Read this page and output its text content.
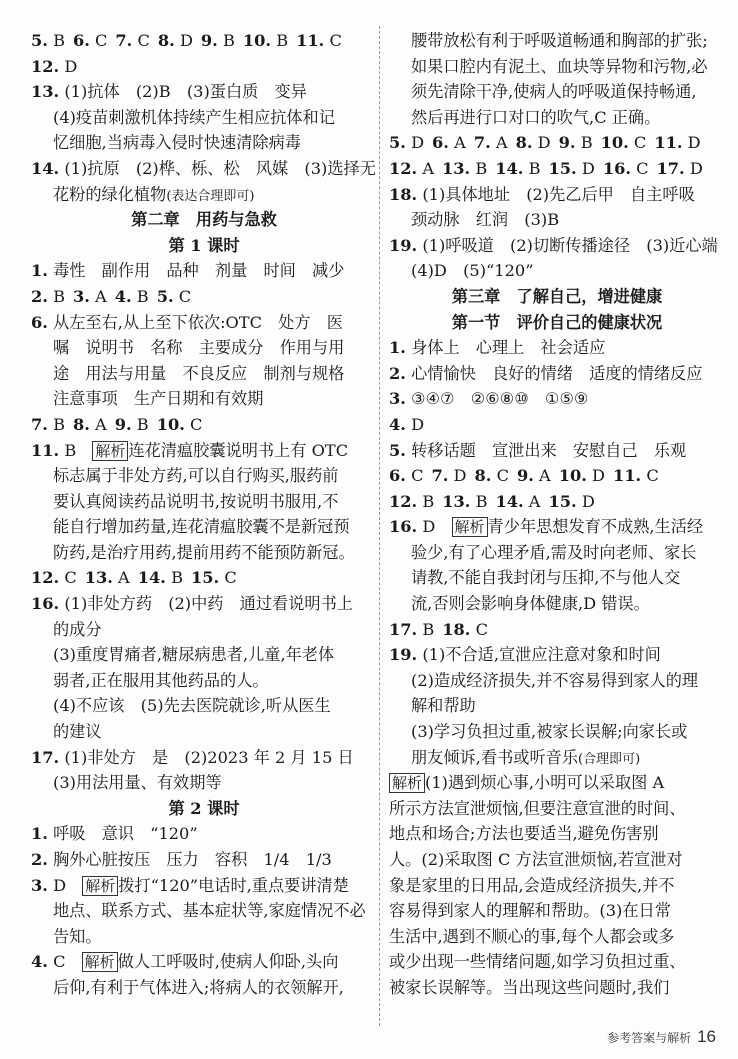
5. B 6. C 7. C 8. D 9. B 10. B 11. C
12. D
13. (1)抗体　(2)B　(3)蛋白质　变异
(4)疫苗刺激机体持续产生相应抗体和记
忆细胞,当病毒入侵时快速清除病毒
14. (1)抗原　(2)桦、栎、松　风媒　(3)选择无
花粉的绿化植物(表达合理即可)
第二章　用药与急救
第 1 课时
1. 毒性　副作用　品种　剂量　时间　减少
2. B 3. A 4. B 5. C
6. 从左至右,从上至下依次:OTC　处方　医
嘱　说明书　名称　主要成分　作用与用
途　用法与用量　不良反应　制剂与规格
注意事项　生产日期和有效期
7. B 8. A 9. B 10. C
11. B　 解析 连花清瘟胶囊说明书上有 OTC
标志属于非处方药,可以自行购买,服药前
要认真阅读药品说明书,按说明书服用,不
能自行增加药量,连花清瘟胶囊不是新冠预
防药,是治疗用药,提前用药不能预防新冠。
12. C 13. A 14. B 15. C
16. (1)非处方药　(2)中药　通过看说明书上
的成分
(3)重度胃痛者,糖尿病患者,儿童,年老体
弱者,正在服用其他药品的人。
(4)不应该　(5)先去医院就诊,听从医生
的建议
17. (1)非处方　是　(2)2023 年 2 月 15 日
(3)用法用量、有效期等
第 2 课时
1. 呼吸　意识　“120”
2. 胸外心脏按压　压力　容积　1/4　1/3
3. D　 解析 拨打“120”电话时,重点要讲清楚
地点、联系方式、基本症状等,家庭情况不必
告知。
4. C　 解析 做人工呼吸时,使病人仰卧,头向
后仰,有利于气体进入;将病人的衣领解开,
腰带放松有利于呼吸道畅通和胸部的扩张;
如果口腔内有泥土、血块等异物和污物,必
须先清除干净,使病人的呼吸道保持畅通,
然后再进行口对口的吹气,C 正确。
5. D 6. A 7. A 8. D 9. B 10. C 11. D
12. A 13. B 14. B 15. D 16. C 17. D
18. (1)具体地址　(2)先乙后甲　自主呼吸
颈动脉　红润　(3)B
19. (1)呼吸道　(2)切断传播途径　(3)近心端
(4)D　(5)“120”
第三章　了解自己，增进健康
第一节　评价自己的健康状况
1. 身体上　心理上　社会适应
2. 心情愉快　良好的情绪　适度的情绪反应
3. ③④⑦　②⑥⑧⑩　①⑤⑨
4. D
5. 转移话题　宣泄出来　安慰自己　乐观
6. C 7. D 8. C 9. A 10. D 11. C
12. B 13. B 14. A 15. D
16. D　 解析 青少年思想发育不成熟,生活经
验少,有了心理矛盾,需及时向老师、家长
请教,不能自我封闭与压抑,不与他人交
流,否则会影响身体健康,D 错误。
17. B 18. C
19. (1)不合适,宣泄应注意对象和时间
(2)造成经济损失,并不容易得到家人的理
解和帮助
(3)学习负担过重,被家长误解;向家长或
朋友倾诉,看书或听音乐(合理即可)
解析 (1)遇到烦心事,小明可以采取图 A
所示方法宣泄烦恼,但要注意宣泄的时间、
地点和场合;方法也要适当,避免伤害别
人。(2)采取图 C 方法宣泄烦恼,若宣泄对
象是家里的日用品,会造成经济损失,并不
容易得到家人的理解和帮助。(3)在日常
生活中,遇到不顺心的事,每个人都会或多
或少出现一些情绪问题,如学习负担过重、
被家长误解等。当出现这些问题时,我们
参考答案与解析 16
